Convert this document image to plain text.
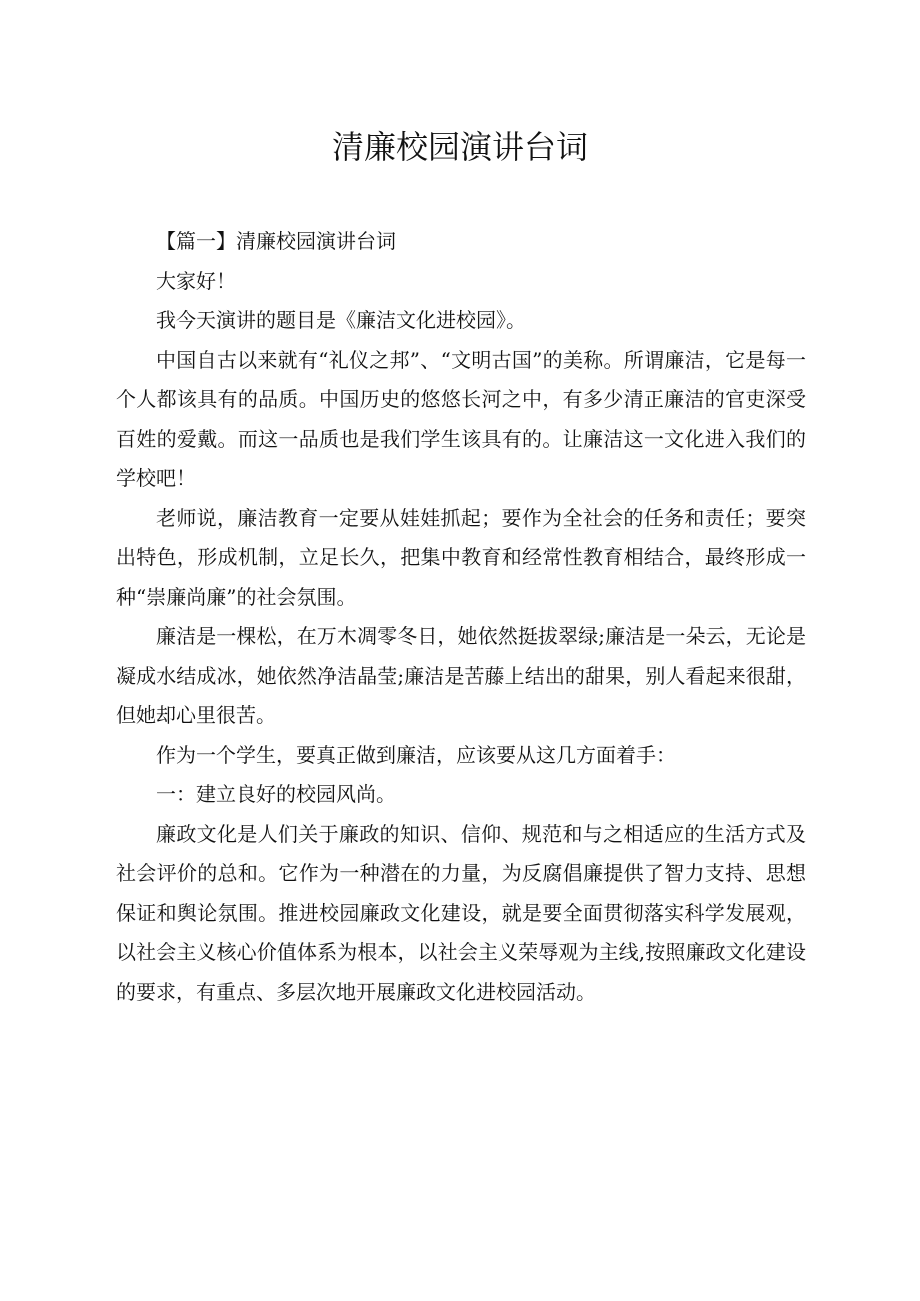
清廉校园演讲台词

【篇一】清廉校园演讲台词

大家好！

我今天演讲的题目是《廉洁文化进校园》。

中国自古以来就有“礼仪之邦”、“文明古国”的美称。所谓廉洁，它是每一个人都该具有的品质。中国历史的悠悠长河之中，有多少清正廉洁的官吏深受百姓的爱戴。而这一品质也是我们学生该具有的。让廉洁这一文化进入我们的学校吧！

老师说，廉洁教育一定要从娃娃抓起；要作为全社会的任务和责任；要突出特色，形成机制，立足长久，把集中教育和经常性教育相结合，最终形成一种“崇廉尚廉”的社会氛围。

廉洁是一棵松，在万木凋零冬日，她依然挺拔翠绿;廉洁是一朵云，无论是凝成水结成冰，她依然净洁晶莹;廉洁是苦藤上结出的甜果，别人看起来很甜，但她却心里很苦。

作为一个学生，要真正做到廉洁，应该要从这几方面着手：

一：建立良好的校园风尚。

廉政文化是人们关于廉政的知识、信仰、规范和与之相适应的生活方式及社会评价的总和。它作为一种潜在的力量，为反腐倡廉提供了智力支持、思想保证和舆论氛围。推进校园廉政文化建设，就是要全面贯彻落实科学发展观，以社会主义核心价值体系为根本，以社会主义荣辱观为主线,按照廉政文化建设的要求，有重点、多层次地开展廉政文化进校园活动。
